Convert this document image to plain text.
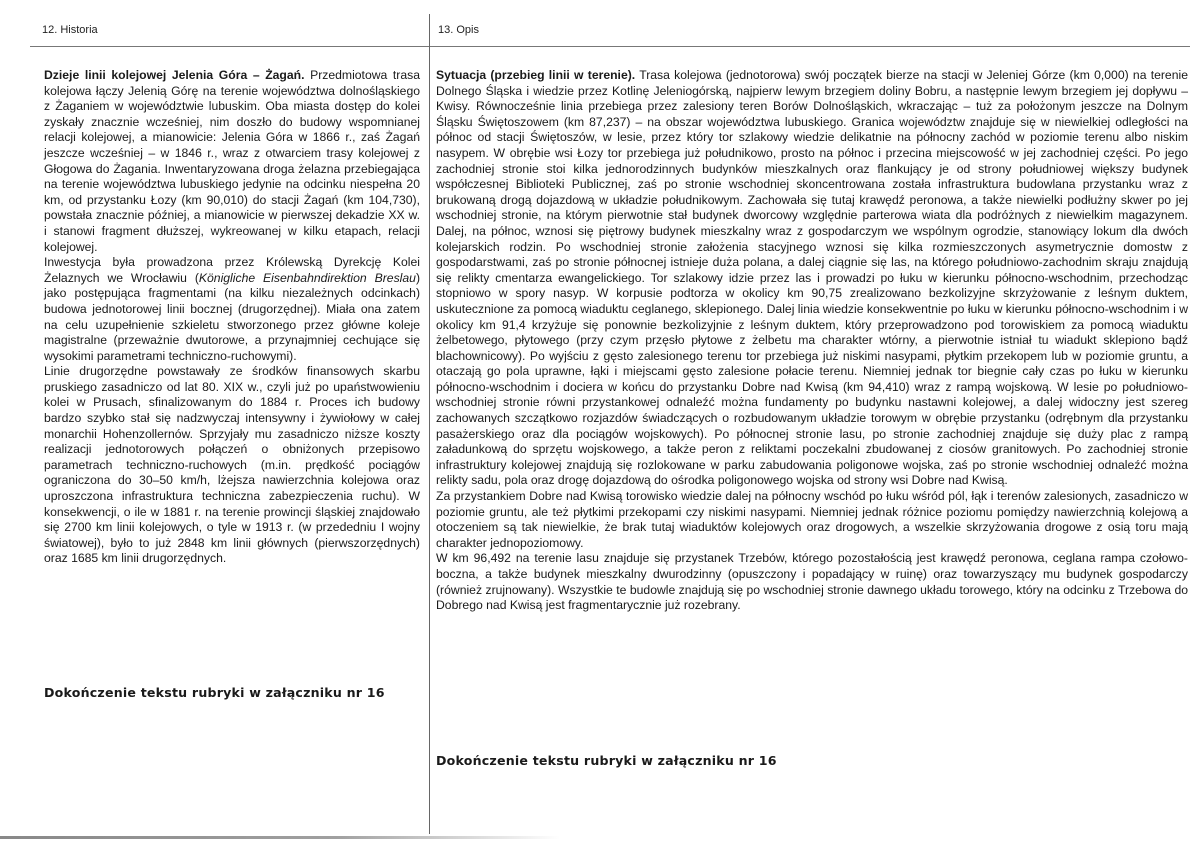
12. Historia	13. Opis

Dzieje linii kolejowej Jelenia Góra – Żagań. Przedmiotowa trasa kolejowa łączy Jelenią Górę na terenie województwa dolnośląskiego z Żaganiem w województwie lubuskim. Oba miasta dostęp do kolei zyskały znacznie wcześniej, nim doszło do budowy wspomnianej relacji kolejowej, a mianowicie: Jelenia Góra w 1866 r., zaś Żagań jeszcze wcześniej – w 1846 r., wraz z otwarciem trasy kolejowej z Głogowa do Żagania. Inwentaryzowana droga żelazna przebiegająca na terenie województwa lubuskiego jedynie na odcinku niespełna 20 km, od przystanku Łozy (km 90,010) do stacji Żagań (km 104,730), powstała znacznie później, a mianowicie w pierwszej dekadzie XX w. i stanowi fragment dłuższej, wykreowanej w kilku etapach, relacji kolejowej.

Inwestycja była prowadzona przez Królewską Dyrekcję Kolei Żelaznych we Wrocławiu (Königliche Eisenbahndirektion Breslau) jako postępująca fragmentami (na kilku niezależnych odcinkach) budowa jednotorowej linii bocznej (drugorzędnej). Miała ona zatem na celu uzupełnienie szkieletu stworzonego przez główne koleje magistralne (przeważnie dwutorowe, a przynajmniej cechujące się wysokimi parametrami techniczno-ruchowymi).

Linie drugorzędne powstawały ze środków finansowych skarbu pruskiego zasadniczo od lat 80. XIX w., czyli już po upaństwowieniu kolei w Prusach, sfinalizowanym do 1884 r. Proces ich budowy bardzo szybko stał się nadzwyczaj intensywny i żywiołowy w całej monarchii Hohenzollernów. Sprzyjały mu zasadniczo niższe koszty realizacji jednotorowych połączeń o obniżonych przepisowo parametrach techniczno-ruchowych (m.in. prędkość pociągów ograniczona do 30–50 km/h, lżejsza nawierzchnia kolejowa oraz uproszczona infrastruktura techniczna zabezpieczenia ruchu). W konsekwencji, o ile w 1881 r. na terenie prowincji śląskiej znajdowało się 2700 km linii kolejowych, o tyle w 1913 r. (w przededniu I wojny światowej), było to już 2848 km linii głównych (pierwszorzędnych) oraz 1685 km linii drugorzędnych.

Dokończenie tekstu rubryki w załączniku nr 16

Sytuacja (przebieg linii w terenie). Trasa kolejowa (jednotorowa) swój początek bierze na stacji w Jeleniej Górze (km 0,000) na terenie Dolnego Śląska i wiedzie przez Kotlinę Jeleniogórską, najpierw lewym brzegiem doliny Bobru, a następnie lewym brzegiem jej dopływu – Kwisy. Równocześnie linia przebiega przez zalesiony teren Borów Dolnośląskich, wkraczając – tuż za położonym jeszcze na Dolnym Śląsku Świętoszowem (km 87,237) – na obszar województwa lubuskiego. Granica województw znajduje się w niewielkiej odległości na północ od stacji Świętoszów, w lesie, przez który tor szlakowy wiedzie delikatnie na północny zachód w poziomie terenu albo niskim nasypem. W obrębie wsi Łozy tor przebiega już południkowo, prosto na północ i przecina miejscowość w jej zachodniej części. Po jego zachodniej stronie stoi kilka jednorodzinnych budynków mieszkalnych oraz flankujący je od strony południowej większy budynek współczesnej Biblioteki Publicznej, zaś po stronie wschodniej skoncentrowana została infrastruktura budowlana przystanku wraz z brukowaną drogą dojazdową w układzie południkowym. Zachowała się tutaj krawędź peronowa, a także niewielki podłużny skwer po jej wschodniej stronie, na którym pierwotnie stał budynek dworcowy względnie parterowa wiata dla podróżnych z niewielkim magazynem. Dalej, na północ, wznosi się piętrowy budynek mieszkalny wraz z gospodarczym we wspólnym ogrodzie, stanowiący lokum dla dwóch kolejarskich rodzin. Po wschodniej stronie założenia stacyjnego wznosi się kilka rozmieszczonych asymetrycznie domostw z gospodarstwami, zaś po stronie północnej istnieje duża polana, a dalej ciągnie się las, na którego południowo-zachodnim skraju znajdują się relikty cmentarza ewangelickiego. Tor szlakowy idzie przez las i prowadzi po łuku w kierunku północno-wschodnim, przechodząc stopniowo w spory nasyp. W korpusie podtorza w okolicy km 90,75 zrealizowano bezkolizyjne skrzyżowanie z leśnym duktem, uskutecznione za pomocą wiaduktu ceglanego, sklepionego. Dalej linia wiedzie konsekwentnie po łuku w kierunku północno-wschodnim i w okolicy km 91,4 krzyżuje się ponownie bezkolizyjnie z leśnym duktem, który przeprowadzono pod torowiskiem za pomocą wiaduktu żelbetowego, płytowego (przy czym przęsło płytowe z żelbetu ma charakter wtórny, a pierwotnie istniał tu wiadukt sklepiono bądź blachownicowy). Po wyjściu z gęsto zalesionego terenu tor przebiega już niskimi nasypami, płytkim przekopem lub w poziomie gruntu, a otaczają go pola uprawne, łąki i miejscami gęsto zalesione połacie terenu. Niemniej jednak tor biegnie cały czas po łuku w kierunku północno-wschodnim i dociera w końcu do przystanku Dobre nad Kwisą (km 94,410) wraz z rampą wojskową. W lesie po południowo-wschodniej stronie równi przystankowej odnaleźć można fundamenty po budynku nastawni kolejowej, a dalej widoczny jest szereg zachowanych szczątkowo rozjazdów świadczących o rozbudowanym układzie torowym w obrębie przystanku (odrębnym dla przystanku pasażerskiego oraz dla pociągów wojskowych). Po północnej stronie lasu, po stronie zachodniej znajduje się duży plac z rampą załadunkową do sprzętu wojskowego, a także peron z reliktami poczekalni zbudowanej z ciosów granitowych. Po zachodniej stronie infrastruktury kolejowej znajdują się rozlokowane w parku zabudowania poligonowe wojska, zaś po stronie wschodniej odnaleźć można relikty sadu, pola oraz drogę dojazdową do ośrodka poligonowego wojska od strony wsi Dobre nad Kwisą.

Za przystankiem Dobre nad Kwisą torowisko wiedzie dalej na północny wschód po łuku wśród pól, łąk i terenów zalesionych, zasadniczo w poziomie gruntu, ale też płytkimi przekopami czy niskimi nasypami. Niemniej jednak różnice poziomu pomiędzy nawierzchnią kolejową a otoczeniem są tak niewielkie, że brak tutaj wiaduktów kolejowych oraz drogowych, a wszelkie skrzyżowania drogowe z osią toru mają charakter jednopoziomowy.

W km 96,492 na terenie lasu znajduje się przystanek Trzebów, którego pozostałością jest krawędź peronowa, ceglana rampa czołowo-boczna, a także budynek mieszkalny dwurodzinny (opuszczony i popadający w ruinę) oraz towarzyszący mu budynek gospodarczy (również zrujnowany). Wszystkie te budowle znajdują się po wschodniej stronie dawnego układu torowego, który na odcinku z Trzebowa do Dobrego nad Kwisą jest fragmentarycznie już rozebrany.

Dokończenie tekstu rubryki w załączniku nr 16
